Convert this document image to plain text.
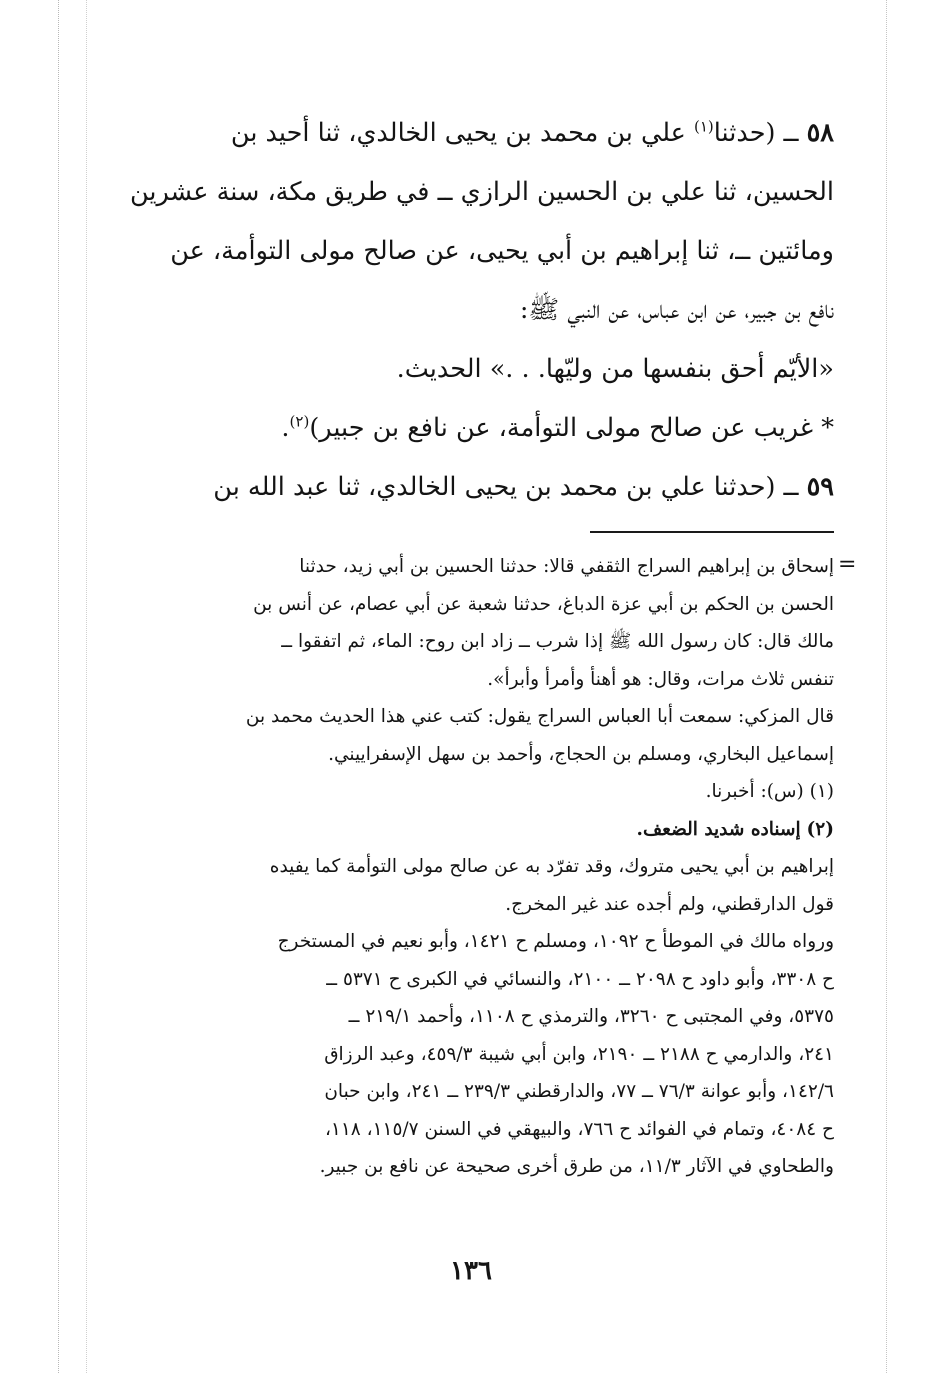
٥٨ ــ (حدثنا$^{(١)}$ علي بن محمد بن يحيى الخالدي، ثنا أحيد بن
الحسين، ثنا علي بن الحسين الرازي ــ في طريق مكة، سنة عشرين
ومائتين ــ، ثنا إبراهيم بن أبي يحيى، عن صالح مولى التوأمة، عن
نافع بن جبير، عن ابن عباس، عن النبي ﷺ:
«الأيّم أحق بنفسها من وليّها. . .» الحديث.
* غريب عن صالح مولى التوأمة، عن نافع بن جبير)$^{(٢)}$.
٥٩ ــ (حدثنا علي بن محمد بن يحيى الخالدي، ثنا عبد الله بن
إسحاق بن إبراهيم السراج الثقفي قالا: حدثنا الحسين بن أبي زيد، حدثنا
الحسن بن الحكم بن أبي عزة الدباغ، حدثنا شعبة عن أبي عصام، عن أنس بن
مالك قال: كان رسول الله ﷺ إذا شرب ــ زاد ابن روح: الماء، ثم اتفقوا ــ
تنفس ثلاث مرات، وقال: هو أهنأ وأمرأ وأبرأ».
قال المزكي: سمعت أبا العباس السراج يقول: كتب عني هذا الحديث محمد بن
إسماعيل البخاري، ومسلم بن الحجاج، وأحمد بن سهل الإسفراييني.
(١) (س): أخبرنا.
(٢) إسناده شديد الضعف.
إبراهيم بن أبي يحيى متروك، وقد تفرّد به عن صالح مولى التوأمة كما يفيده
قول الدارقطني، ولم أجده عند غير المخرج.
ورواه مالك في الموطأ ح ١٠٩٢، ومسلم ح ١٤٢١، وأبو نعيم في المستخرج
ح ٣٣٠٨، وأبو داود ح ٢٠٩٨ ــ ٢١٠٠، والنسائي في الكبرى ح ٥٣٧١ ــ
٥٣٧٥، وفي المجتبى ح ٣٢٦٠، والترمذي ح ١١٠٨، وأحمد ٢١٩/١ ــ
٢٤١، والدارمي ح ٢١٨٨ ــ ٢١٩٠، وابن أبي شيبة ٤٥٩/٣، وعبد الرزاق
١٤٢/٦، وأبو عوانة ٧٦/٣ ــ ٧٧، والدارقطني ٢٣٩/٣ ــ ٢٤١، وابن حبان
ح ٤٠٨٤، وتمام في الفوائد ح ٧٦٦، والبيهقي في السنن ١١٥/٧، ١١٨،
والطحاوي في الآثار ١١/٣، من طرق أخرى صحيحة عن نافع بن جبير.
=
١٣٦
